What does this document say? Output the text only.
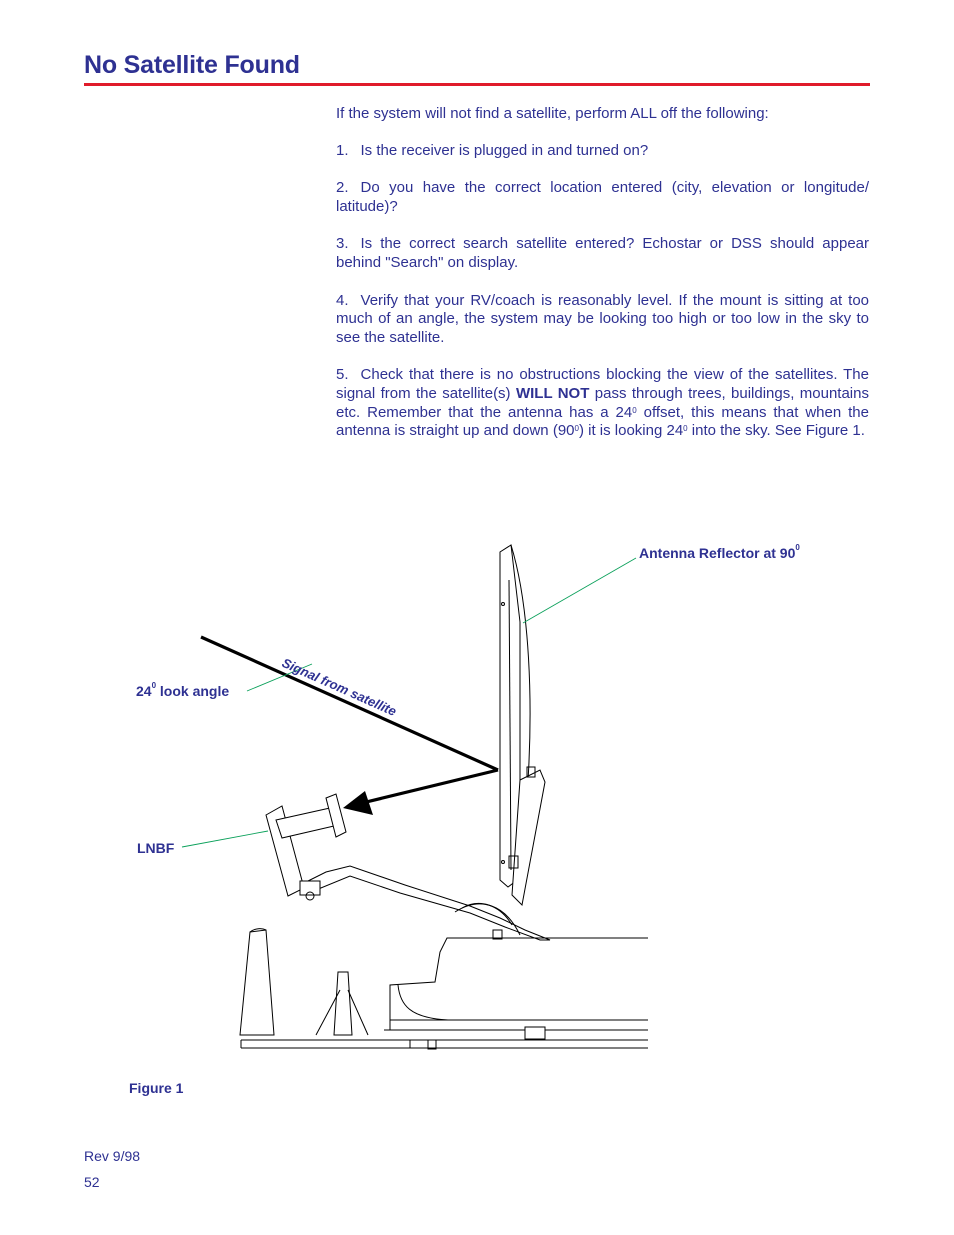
No Satellite Found

If the system will not find a satellite, perform ALL off the following:

1. Is the receiver is plugged in and turned on?

2. Do you have the correct location entered (city, elevation or longitude/ latitude)?

3. Is the correct search satellite entered? Echostar or DSS should appear behind "Search" on display.

4. Verify that your RV/coach is reasonably level. If the mount is sitting at too much of an angle, the system may be looking too high or too low in the sky to see the satellite.

5. Check that there is no obstructions blocking the view of the satellites. The signal from the satellite(s) WILL NOT pass through trees, buildings, mountains etc. Remember that the antenna has a $24^0$ offset, this means that when the antenna is straight up and down $(90^0)$ it is looking $24^0$ into the sky. See Figure 1.

Signal from satellite
Antenna Reflector at $90^0$
$24^0$ look angle
LNBF
Figure 1
Rev 9/98
52
